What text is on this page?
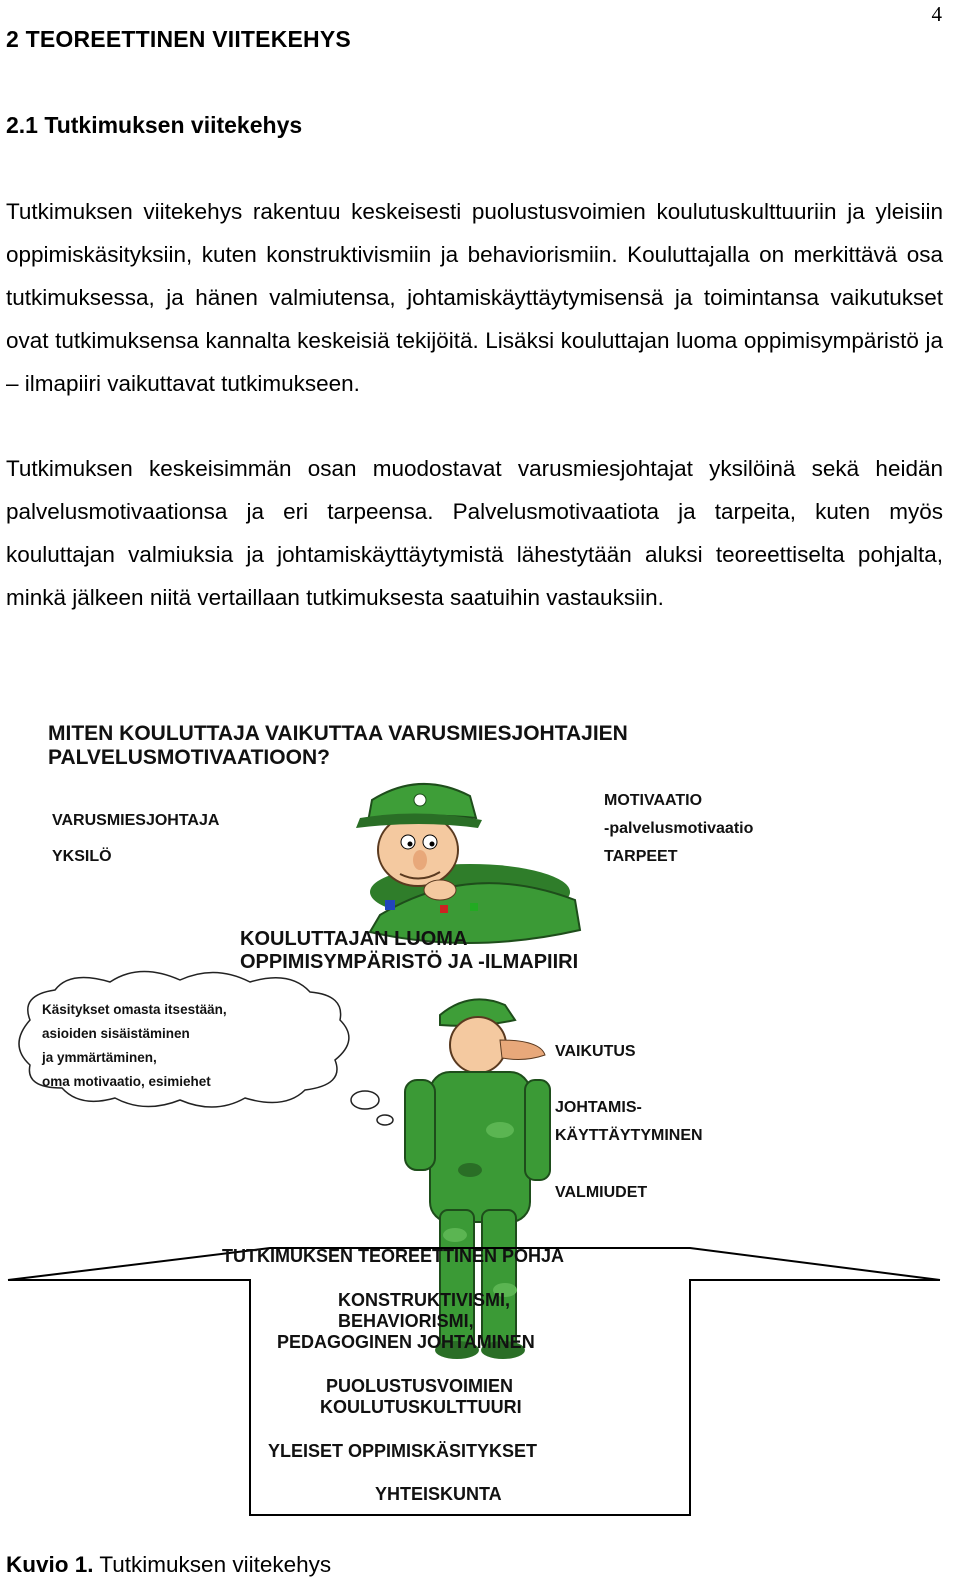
4
2 TEOREETTINEN VIITEKEHYS
2.1 Tutkimuksen viitekehys

Tutkimuksen viitekehys rakentuu keskeisesti puolustusvoimien koulutuskulttuuriin ja yleisiin oppimiskäsityksiin, kuten konstruktivismiin ja behaviorismiin. Kouluttajalla on merkittävä osa tutkimuksessa, ja hänen valmiutensa, johtamiskäyttäytymisensä ja toimintansa vaikutukset ovat tutkimuksensa kannalta keskeisiä tekijöitä. Lisäksi kouluttajan luoma oppimisympäristö ja – ilmapiiri vaikuttavat tutkimukseen.

Tutkimuksen keskeisimmän osan muodostavat varusmiesjohtajat yksilöinä sekä heidän palvelusmotivaationsa ja eri tarpeensa. Palvelusmotivaatiota ja tarpeita, kuten myös kouluttajan valmiuksia ja johtamiskäyttäytymistä lähestytään aluksi teoreettiselta pohjalta, minkä jälkeen niitä vertaillaan tutkimuksesta saatuihin vastauksiin.

MITEN KOULUTTAJA VAIKUTTAA VARUSMIESJOHTAJIEN
PALVELUSMOTIVAATIOON?
VARUSMIESJOHTAJA
YKSILÖ
MOTIVAATIO
-palvelusmotivaatio
TARPEET
KOULUTTAJAN LUOMA
OPPIMISYMPÄRISTÖ JA -ILMAPIIRI
Käsitykset omasta itsestään,
asioiden sisäistäminen
ja ymmärtäminen,
oma motivaatio, esimiehet
VAIKUTUS
JOHTAMIS-
KÄYTTÄYTYMINEN
VALMIUDET
TUTKIMUKSEN TEOREETTINEN POHJA
KONSTRUKTIVISMI,
BEHAVIORISMI,
PEDAGOGINEN JOHTAMINEN
PUOLUSTUSVOIMIEN
KOULUTUSKULTTUURI
YLEISET OPPIMISKÄSITYKSET
YHTEISKUNTA
Kuvio 1. Tutkimuksen viitekehys
